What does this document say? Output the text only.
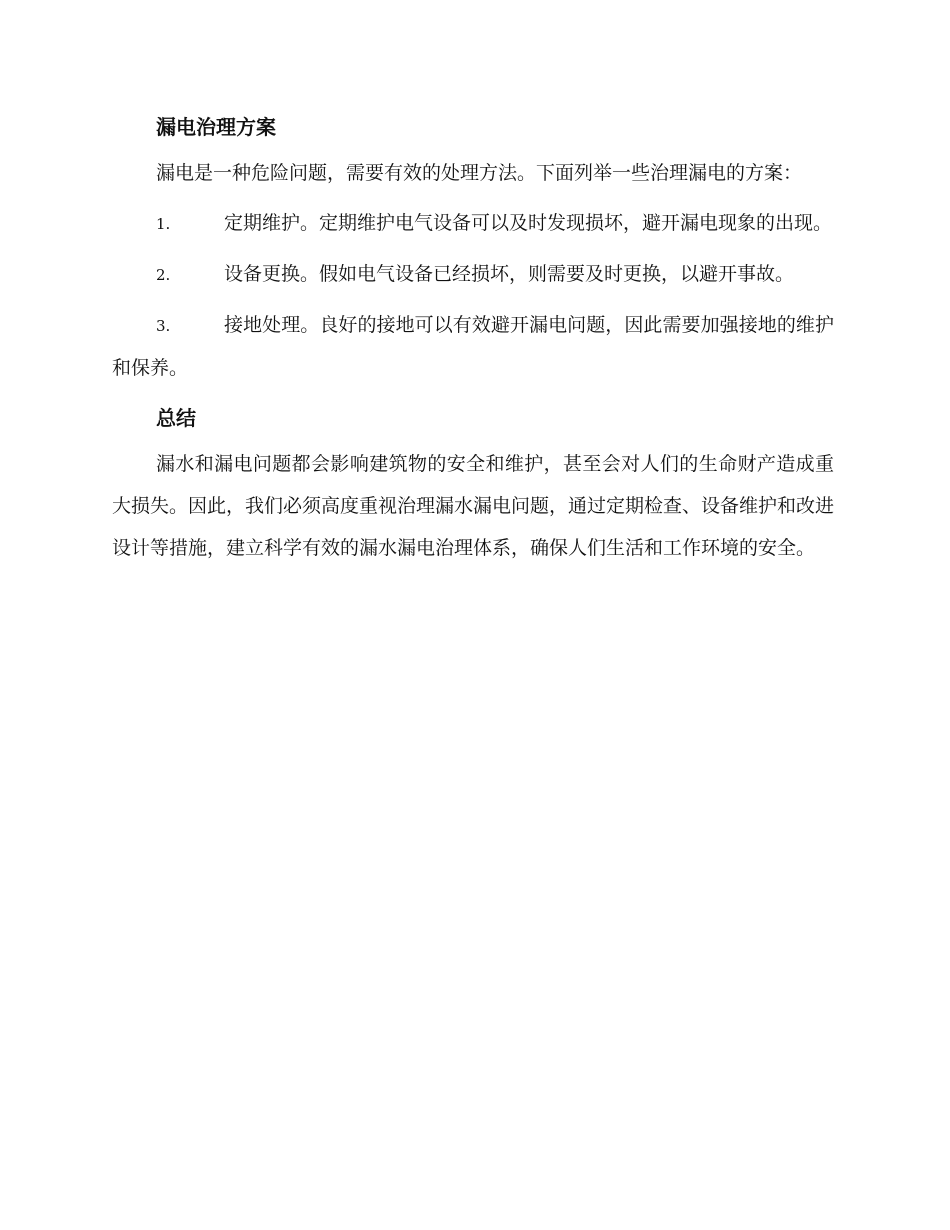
漏电治理方案

漏电是一种危险问题，需要有效的处理方法。下面列举一些治理漏电的方案：

1.	定期维护。定期维护电气设备可以及时发现损坏，避开漏电现象的出现。

2.	设备更换。假如电气设备已经损坏，则需要及时更换，以避开事故。

3.	接地处理。良好的接地可以有效避开漏电问题，因此需要加强接地的维护和保养。

总结

漏水和漏电问题都会影响建筑物的安全和维护，甚至会对人们的生命财产造成重大损失。因此，我们必须高度重视治理漏水漏电问题，通过定期检查、设备维护和改进设计等措施，建立科学有效的漏水漏电治理体系，确保人们生活和工作环境的安全。
